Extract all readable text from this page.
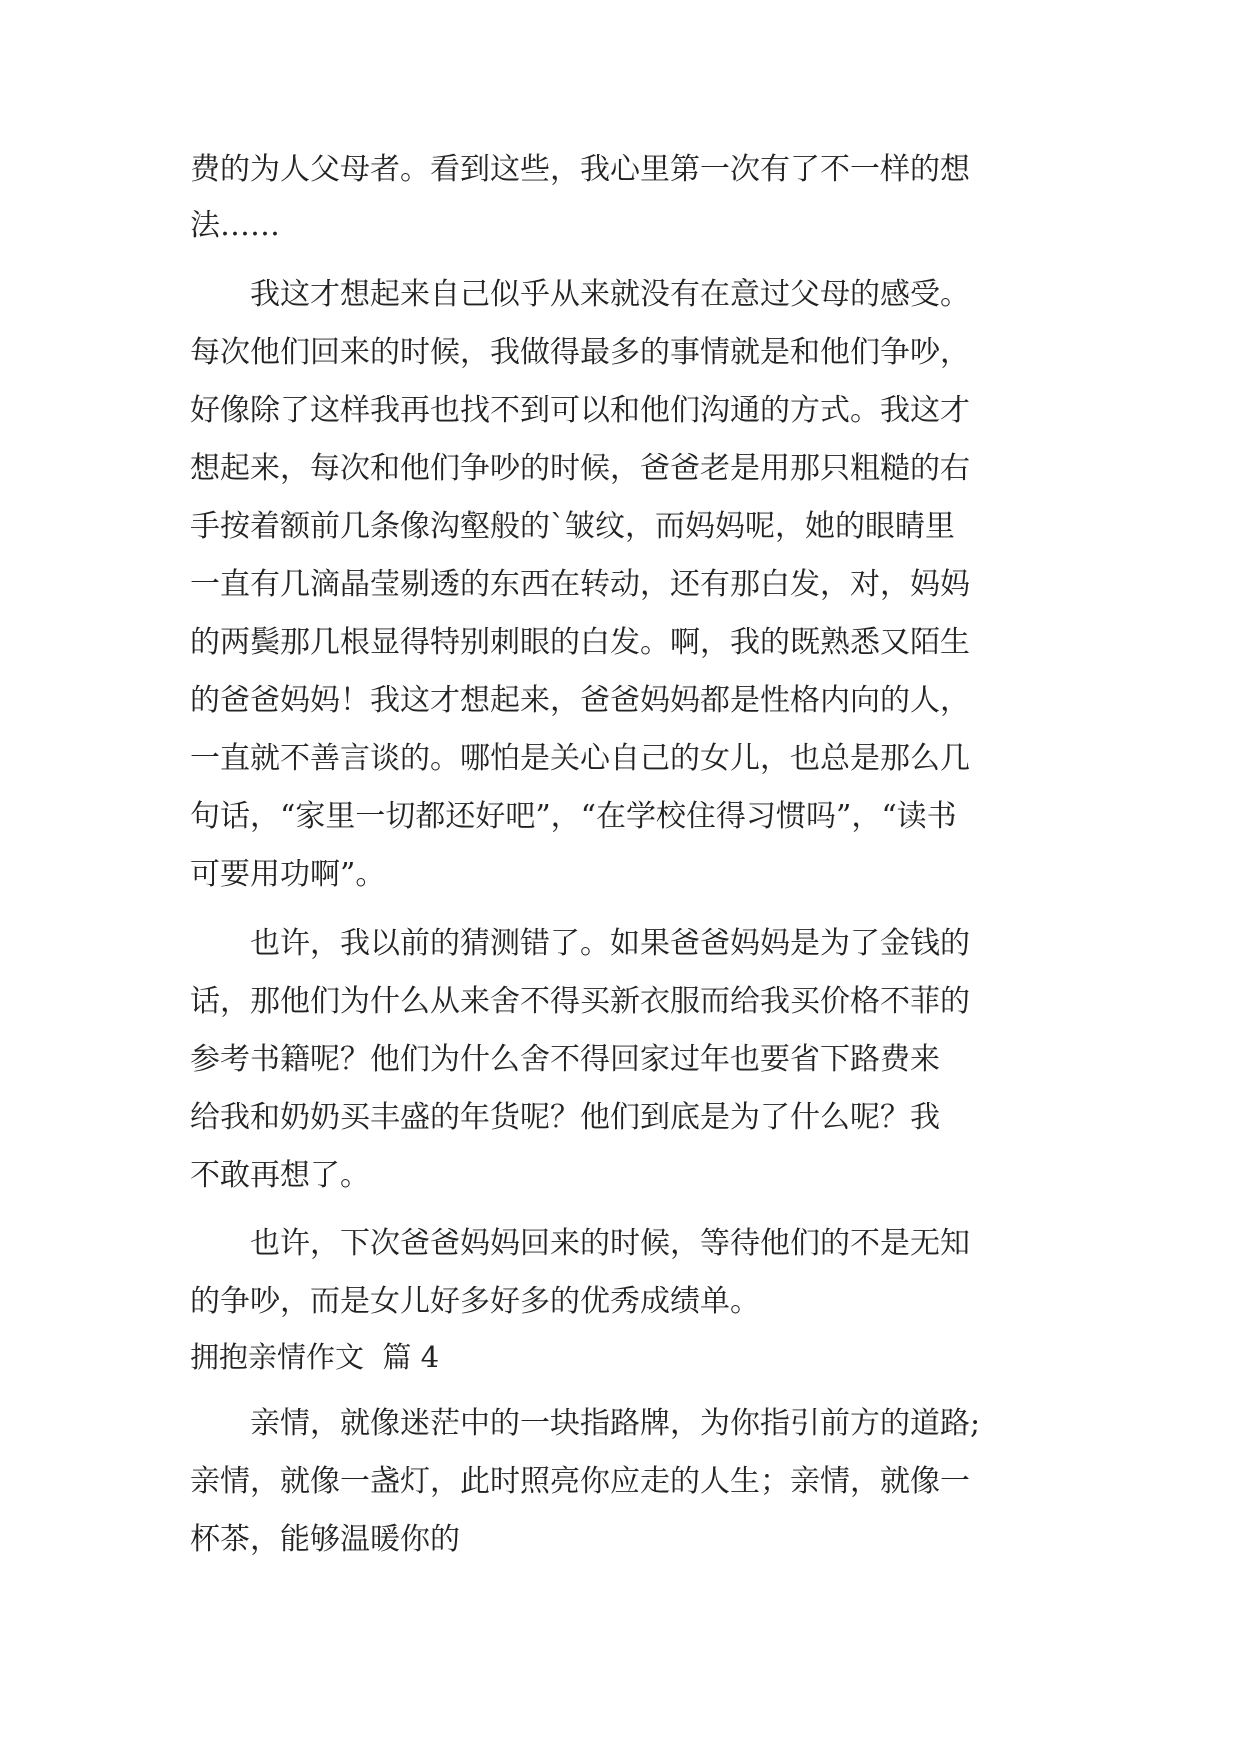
费的为人父母者。看到这些，我心里第一次有了不一样的想
法……
　　我这才想起来自己似乎从来就没有在意过父母的感受。
每次他们回来的时候，我做得最多的事情就是和他们争吵，
好像除了这样我再也找不到可以和他们沟通的方式。我这才
想起来，每次和他们争吵的时候，爸爸老是用那只粗糙的右
手按着额前几条像沟壑般的`皱纹，而妈妈呢，她的眼睛里
一直有几滴晶莹剔透的东西在转动，还有那白发，对，妈妈
的两鬓那几根显得特别刺眼的白发。啊，我的既熟悉又陌生
的爸爸妈妈！我这才想起来，爸爸妈妈都是性格内向的人，
一直就不善言谈的。哪怕是关心自己的女儿，也总是那么几
句话，“家里一切都还好吧”，“在学校住得习惯吗”，“读书
可要用功啊”。
　　也许，我以前的猜测错了。如果爸爸妈妈是为了金钱的
话，那他们为什么从来舍不得买新衣服而给我买价格不菲的
参考书籍呢？他们为什么舍不得回家过年也要省下路费来
给我和奶奶买丰盛的年货呢？他们到底是为了什么呢？我
不敢再想了。
　　也许，下次爸爸妈妈回来的时候，等待他们的不是无知
的争吵，而是女儿好多好多的优秀成绩单。
拥抱亲情作文  篇 4
　　亲情，就像迷茫中的一块指路牌，为你指引前方的道路;
亲情，就像一盏灯，此时照亮你应走的人生；亲情，就像一
杯茶，能够温暖你的
